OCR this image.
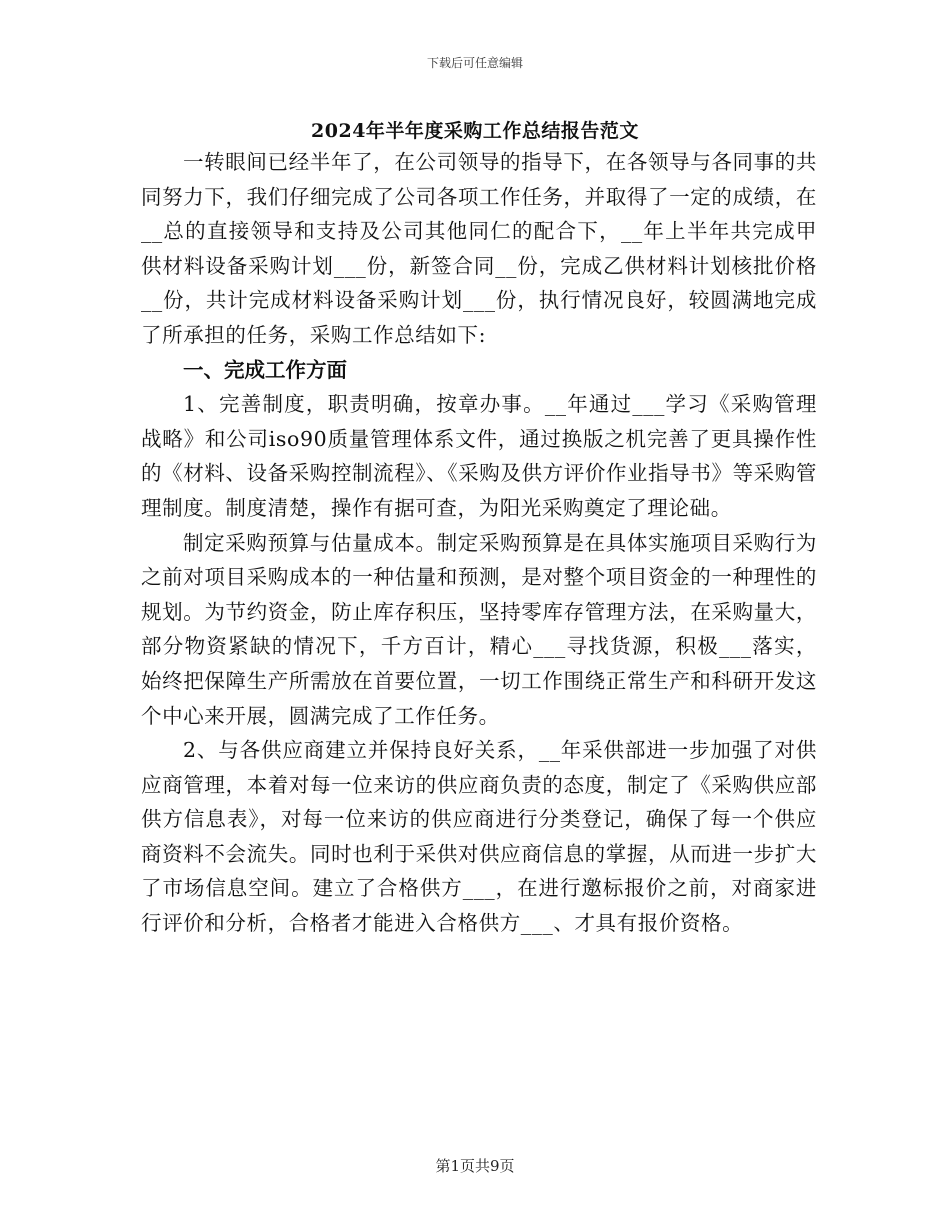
下载后可任意编辑
2024年半年度采购工作总结报告范文

一转眼间已经半年了，在公司领导的指导下，在各领导与各同事的共同努力下，我们仔细完成了公司各项工作任务，并取得了一定的成绩，在__总的直接领导和支持及公司其他同仁的配合下，__年上半年共完成甲供材料设备采购计划___份，新签合同__份，完成乙供材料计划核批价格__份，共计完成材料设备采购计划___份，执行情况良好，较圆满地完成了所承担的任务，采购工作总结如下:

一、完成工作方面

1、完善制度，职责明确，按章办事。__年通过___学习《采购管理战略》和公司iso90质量管理体系文件，通过换版之机完善了更具操作性的《材料、设备采购控制流程》、《采购及供方评价作业指导书》等采购管理制度。制度清楚，操作有据可查，为阳光采购奠定了理论础。

制定采购预算与估量成本。制定采购预算是在具体实施项目采购行为之前对项目采购成本的一种估量和预测，是对整个项目资金的一种理性的规划。为节约资金，防止库存积压，坚持零库存管理方法，在采购量大，部分物资紧缺的情况下，千方百计，精心___寻找货源，积极___落实，始终把保障生产所需放在首要位置，一切工作围绕正常生产和科研开发这个中心来开展，圆满完成了工作任务。

2、与各供应商建立并保持良好关系，__年采供部进一步加强了对供应商管理，本着对每一位来访的供应商负责的态度，制定了《采购供应部供方信息表》，对每一位来访的供应商进行分类登记，确保了每一个供应商资料不会流失。同时也利于采供对供应商信息的掌握，从而进一步扩大了市场信息空间。建立了合格供方___，在进行邀标报价之前，对商家进行评价和分析，合格者才能进入合格供方___、才具有报价资格。

第1页共9页
